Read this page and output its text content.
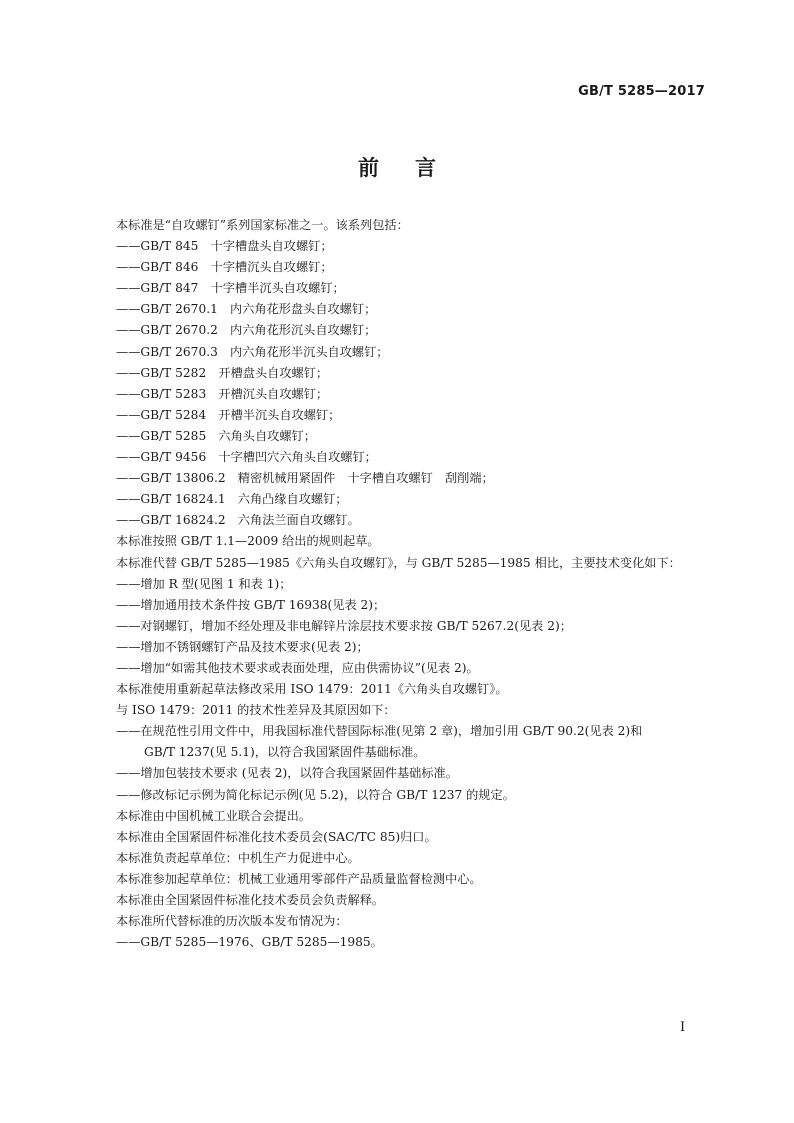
GB/T 5285—2017
前言
本标准是“自攻螺钉”系列国家标准之一。该系列包括：
——GB/T 845　十字槽盘头自攻螺钉；
——GB/T 846　十字槽沉头自攻螺钉；
——GB/T 847　十字槽半沉头自攻螺钉；
——GB/T 2670.1　内六角花形盘头自攻螺钉；
——GB/T 2670.2　内六角花形沉头自攻螺钉；
——GB/T 2670.3　内六角花形半沉头自攻螺钉；
——GB/T 5282　开槽盘头自攻螺钉；
——GB/T 5283　开槽沉头自攻螺钉；
——GB/T 5284　开槽半沉头自攻螺钉；
——GB/T 5285　六角头自攻螺钉；
——GB/T 9456　十字槽凹穴六角头自攻螺钉；
——GB/T 13806.2　精密机械用紧固件　十字槽自攻螺钉　刮削端；
——GB/T 16824.1　六角凸缘自攻螺钉；
——GB/T 16824.2　六角法兰面自攻螺钉。
本标准按照 GB/T 1.1—2009 给出的规则起草。
本标准代替 GB/T 5285—1985《六角头自攻螺钉》，与 GB/T 5285—1985 相比，主要技术变化如下：
——增加 R 型(见图 1 和表 1)；
——增加通用技术条件按 GB/T 16938(见表 2)；
——对钢螺钉，增加不经处理及非电解锌片涂层技术要求按 GB/T 5267.2(见表 2)；
——增加不锈钢螺钉产品及技术要求(见表 2)；
——增加“如需其他技术要求或表面处理，应由供需协议”(见表 2)。
本标准使用重新起草法修改采用 ISO 1479：2011《六角头自攻螺钉》。
与 ISO 1479：2011 的技术性差异及其原因如下：
——在规范性引用文件中，用我国标准代替国际标准(见第 2 章)，增加引用 GB/T 90.2(见表 2)和
GB/T 1237(见 5.1)，以符合我国紧固件基础标准。
——增加包装技术要求 (见表 2)，以符合我国紧固件基础标准。
——修改标记示例为简化标记示例(见 5.2)，以符合 GB/T 1237 的规定。
本标准由中国机械工业联合会提出。
本标准由全国紧固件标准化技术委员会(SAC/TC 85)归口。
本标准负责起草单位：中机生产力促进中心。
本标准参加起草单位：机械工业通用零部件产品质量监督检测中心。
本标准由全国紧固件标准化技术委员会负责解释。
本标准所代替标准的历次版本发布情况为：
——GB/T 5285—1976、GB/T 5285—1985。
I
